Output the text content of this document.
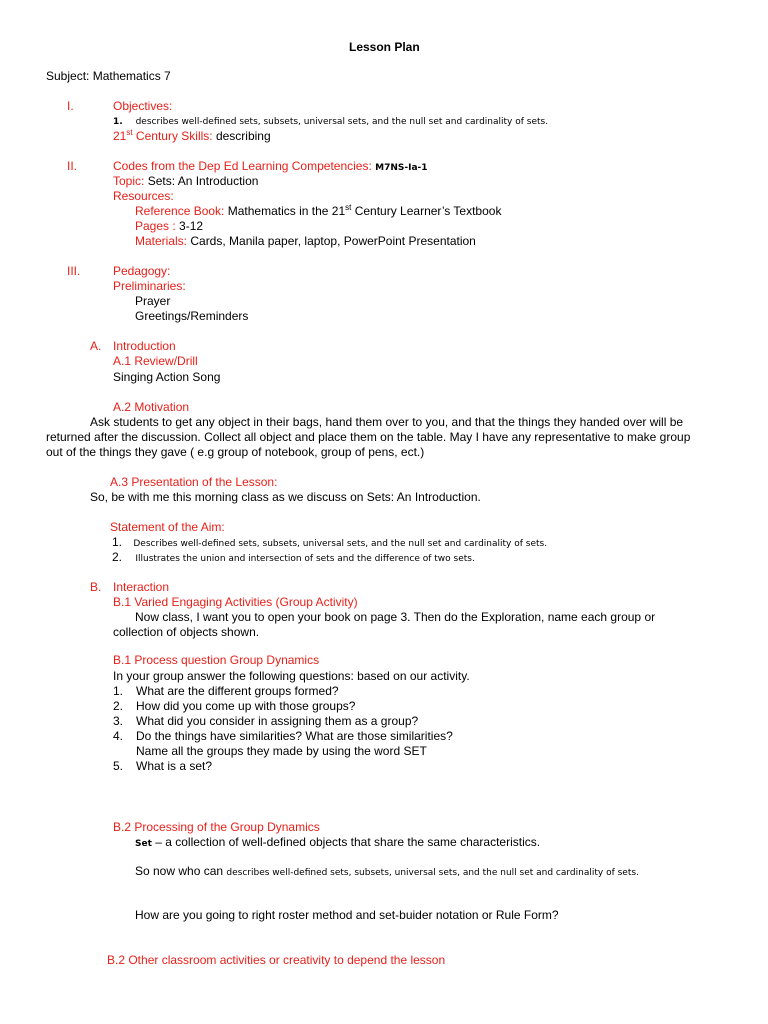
Lesson Plan
Subject: Mathematics 7
I.	Objectives:
1. describes well-defined sets, subsets, universal sets, and the null set and cardinality of sets.
21st Century Skills: describing
II.	Codes from the Dep Ed Learning Competencies: M7NS-Ia-1
Topic: Sets: An Introduction
Resources:
Reference Book: Mathematics in the 21st Century Learner’s Textbook
Pages : 3-12
Materials: Cards, Manila paper, laptop, PowerPoint Presentation
III.	Pedagogy:
Preliminaries:
Prayer
Greetings/Reminders
A. Introduction
A.1 Review/Drill
Singing Action Song
A.2 Motivation
Ask students to get any object in their bags, hand them over to you, and that the things they handed over will be
returned after the discussion. Collect all object and place them on the table. May I have any representative to make group
out of the things they gave ( e.g group of notebook, group of pens, ect.)
A.3 Presentation of the Lesson:
So, be with me this morning class as we discuss on Sets: An Introduction.
Statement of the Aim:
1. Describes well-defined sets, subsets, universal sets, and the null set and cardinality of sets.
2. Illustrates the union and intersection of sets and the difference of two sets.
B. Interaction
B.1 Varied Engaging Activities (Group Activity)
Now class, I want you to open your book on page 3. Then do the Exploration, name each group or
collection of objects shown.
B.1 Process question Group Dynamics
In your group answer the following questions: based on our activity.
1. What are the different groups formed?
2. How did you come up with those groups?
3. What did you consider in assigning them as a group?
4. Do the things have similarities? What are those similarities?
Name all the groups they made by using the word SET
5. What is a set?
B.2 Processing of the Group Dynamics
Set – a collection of well-defined objects that share the same characteristics.
So now who can describes well-defined sets, subsets, universal sets, and the null set and cardinality of sets.
How are you going to right roster method and set-buider notation or Rule Form?
B.2 Other classroom activities or creativity to depend the lesson
